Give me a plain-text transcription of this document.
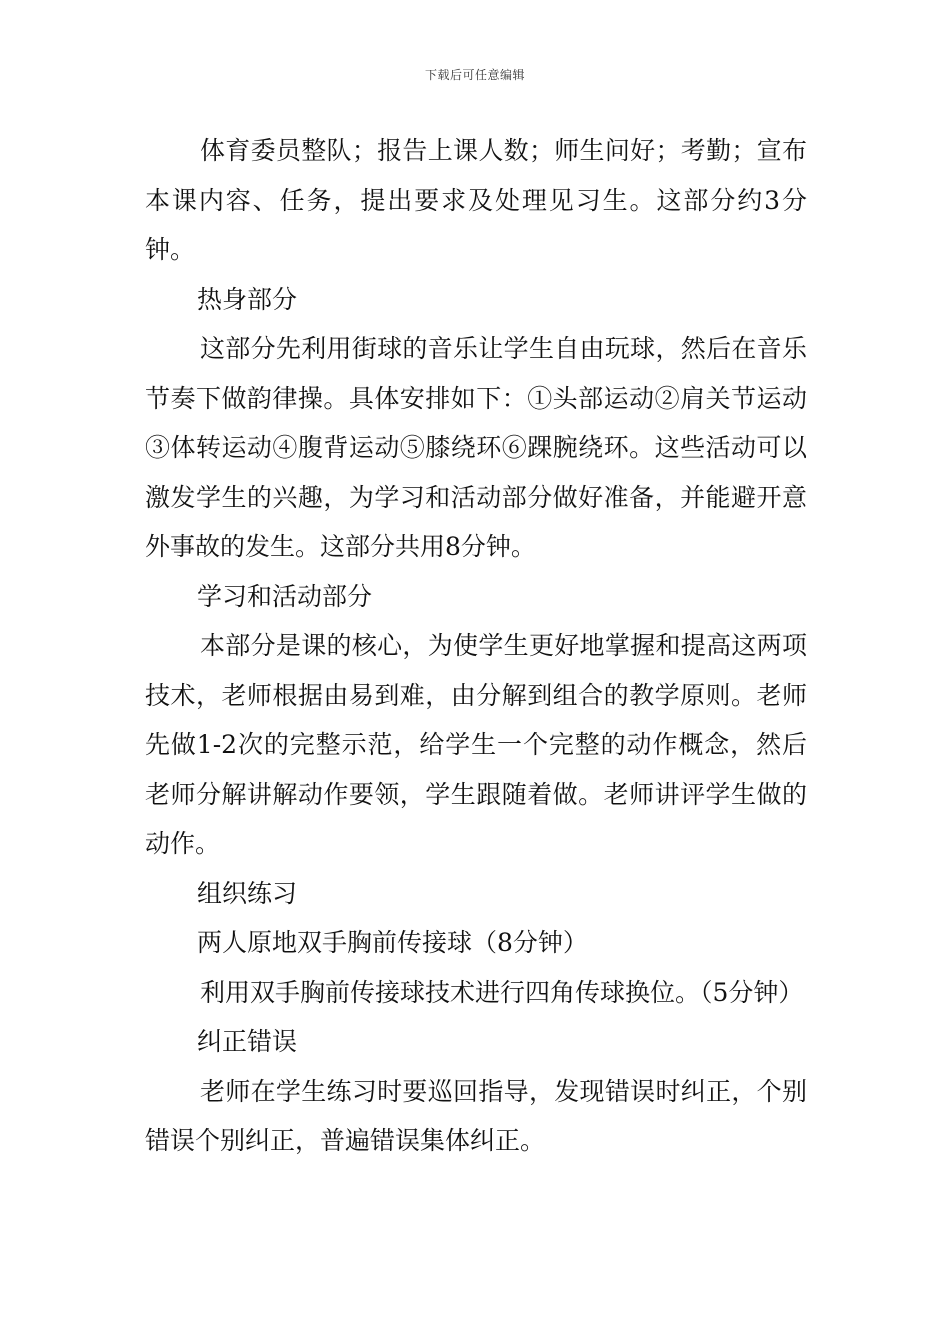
下载后可任意编辑

体育委员整队；报告上课人数；师生问好；考勤；宣布本课内容、任务，提出要求及处理见习生。这部分约3分钟。

热身部分

这部分先利用街球的音乐让学生自由玩球，然后在音乐节奏下做韵律操。具体安排如下：①头部运动②肩关节运动③体转运动④腹背运动⑤膝绕环⑥踝腕绕环。这些活动可以激发学生的兴趣，为学习和活动部分做好准备，并能避开意外事故的发生。这部分共用8分钟。

学习和活动部分

本部分是课的核心，为使学生更好地掌握和提高这两项技术，老师根据由易到难，由分解到组合的教学原则。老师先做1-2次的完整示范，给学生一个完整的动作概念，然后老师分解讲解动作要领，学生跟随着做。老师讲评学生做的动作。

组织练习

两人原地双手胸前传接球（8分钟）

利用双手胸前传接球技术进行四角传球换位。（5分钟）

纠正错误

老师在学生练习时要巡回指导，发现错误时纠正，个别错误个别纠正，普遍错误集体纠正。
